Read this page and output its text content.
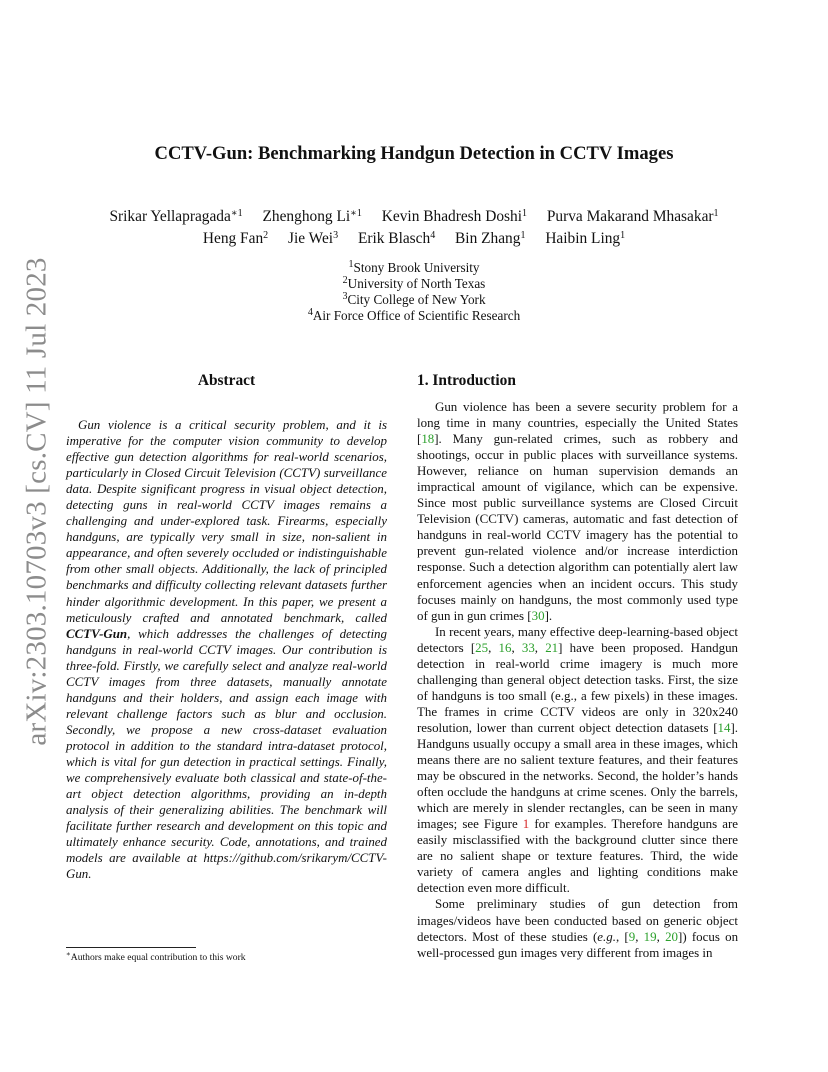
arXiv:2303.10703v3 [cs.CV] 11 Jul 2023
CCTV-Gun: Benchmarking Handgun Detection in CCTV Images
Srikar Yellapragada$^{∗1}$ Zhenghong $Li^{∗1}$ Kevin Bhadresh Doshi$^1$ Purva Makarand Mhasakar$^1$
Heng Fan$^2$ Jie Wei$^3$ Erik Blasch$^4$ Bin Zhang$^1$ Haibin Ling$^1$
$^1$Stony Brook University
$^2$University of North Texas
$^3$City College of New York
$^4$Air Force Office of Scientific Research
Abstract

Gun violence is a critical security problem, and it is imperative for the computer vision community to develop effective gun detection algorithms for real-world scenarios, particularly in Closed Circuit Television (CCTV) surveillance data. Despite significant progress in visual object detection, detecting guns in real-world CCTV images remains a challenging and under-explored task. Firearms, especially handguns, are typically very small in size, non-salient in appearance, and often severely occluded or indistinguishable from other small objects. Additionally, the lack of principled benchmarks and difficulty collecting relevant datasets further hinder algorithmic development. In this paper, we present a meticulously crafted and annotated benchmark, called CCTV-Gun, which addresses the challenges of detecting handguns in real-world CCTV images. Our contribution is three-fold. Firstly, we carefully select and analyze real-world CCTV images from three datasets, manually annotate handguns and their holders, and assign each image with relevant challenge factors such as blur and occlusion. Secondly, we propose a new cross-dataset evaluation protocol in addition to the standard intra-dataset protocol, which is vital for gun detection in practical settings. Finally, we comprehensively evaluate both classical and state-of-the-art object detection algorithms, providing an in-depth analysis of their generalizing abilities. The benchmark will facilitate further research and development on this topic and ultimately enhance security. Code, annotations, and trained models are available at https://github.com/srikarym/CCTV-Gun.

1. Introduction

Gun violence has been a severe security problem for a long time in many countries, especially the United States [18]. Many gun-related crimes, such as robbery and shootings, occur in public places with surveillance systems. However, reliance on human supervision demands an impractical amount of vigilance, which can be expensive. Since most public surveillance systems are Closed Circuit Television (CCTV) cameras, automatic and fast detection of handguns in real-world CCTV imagery has the potential to prevent gun-related violence and/or increase interdiction response. Such a detection algorithm can potentially alert law enforcement agencies when an incident occurs. This study focuses mainly on handguns, the most commonly used type of gun in gun crimes [30].

In recent years, many effective deep-learning-based object detectors [25, 16, 33, 21] have been proposed. Handgun detection in real-world crime imagery is much more challenging than general object detection tasks. First, the size of handguns is too small (e.g., a few pixels) in these images. The frames in crime CCTV videos are only in 320x240 resolution, lower than current object detection datasets [14]. Handguns usually occupy a small area in these images, which means there are no salient texture features, and their features may be obscured in the networks. Second, the holder’s hands often occlude the handguns at crime scenes. Only the barrels, which are merely in slender rectangles, can be seen in many images; see Figure 1 for examples. Therefore handguns are easily misclassified with the background clutter since there are no salient shape or texture features. Third, the wide variety of camera angles and lighting conditions make detection even more difficult.

Some preliminary studies of gun detection from images/videos have been conducted based on generic object detectors. Most of these studies (e.g., [9, 19, 20]) focus on well-processed gun images very different from images in

∗Authors make equal contribution to this work
